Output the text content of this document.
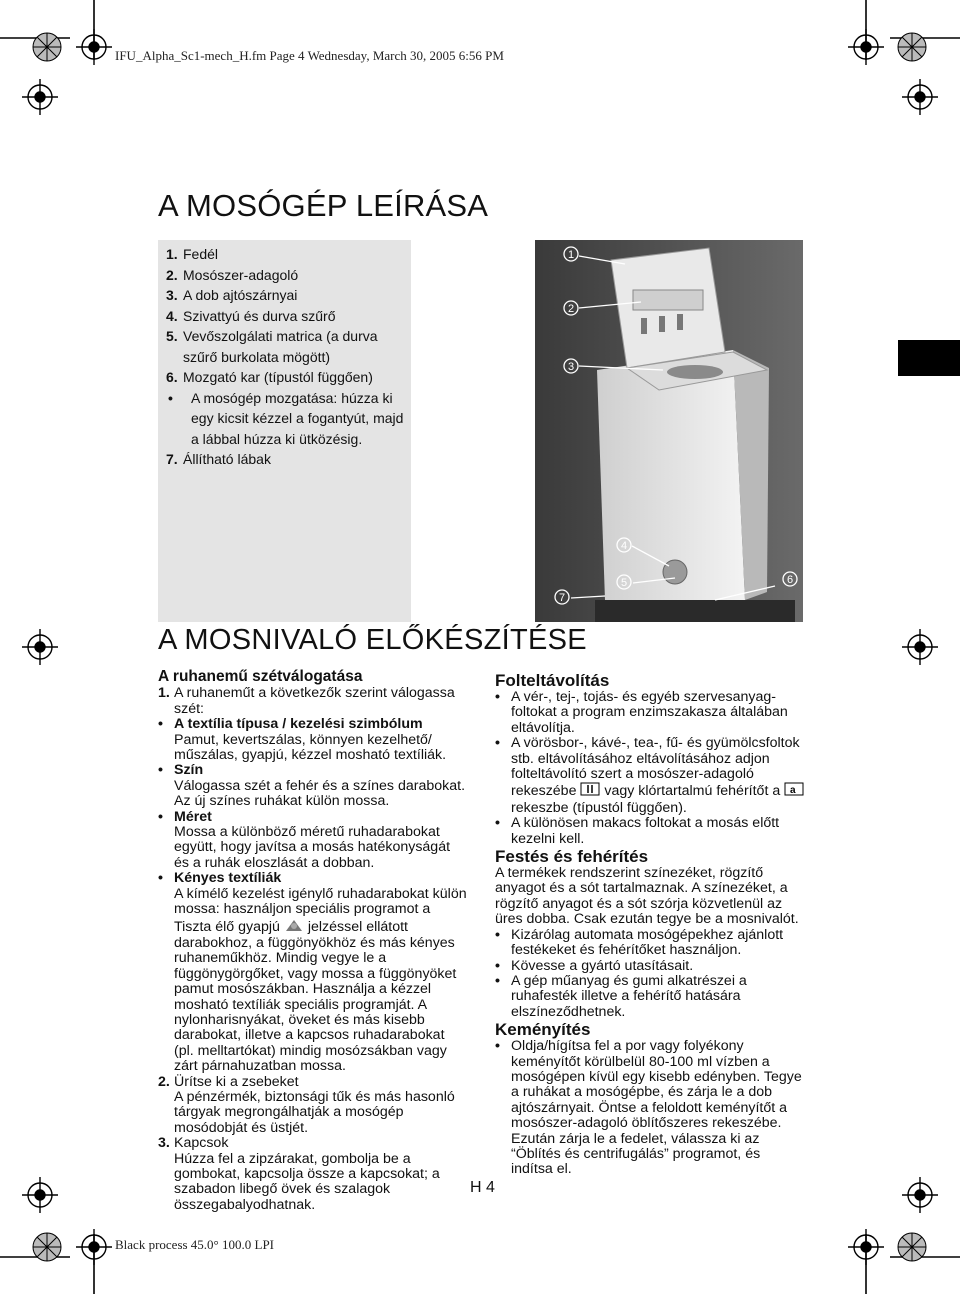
IFU_Alpha_Sc1-mech_H.fm Page 4 Wednesday, March 30, 2005 6:56 PM
Black process 45.0° 100.0 LPI
A MOSÓGÉP LEÍRÁSA
1. Fedél
2. Mosószer-adagoló
3. A dob ajtószárnyai
4. Szivattyú és durva szűrő
5. Vevőszolgálati matrica (a durva szűrő burkolata mögött)
6. Mozgató kar (típustól függően)
• A mosógép mozgatása: húzza ki egy kicsit kézzel a fogantyút, majd a lábbal húzza ki ütközésig.
7. Állítható lábak
1
2
3
4
5	6
7
A MOSNIVALÓ ELŐKÉSZÍTÉSE
A ruhanemű szétválogatása
1. A ruhaneműt a következők szerint válogassa szét:
• A textília típusa / kezelési szimbólum
Pamut, kevertszálas, könnyen kezelhető/ műszálas, gyapjú, kézzel mosható textíliák.
• Szín
Válogassa szét a fehér és a színes darabokat. Az új színes ruhákat külön mossa.
• Méret
Mossa a különböző méretű ruhadarabokat együtt, hogy javítsa a mosás hatékonyságát és a ruhák eloszlását a dobban.
• Kényes textíliák
A kímélő kezelést igénylő ruhadarabokat külön mossa: használjon speciális programot a Tiszta élő gyapjú jelzéssel ellátott darabokhoz, a függönyökhöz és más kényes ruhaneműkhöz. Mindig vegye le a függönygörgőket, vagy mossa a függönyöket pamut mosószákban. Használja a kézzel mosható textíliák speciális programját. A nylonharisnyákat, öveket és más kisebb darabokat, illetve a kapcsos ruhadarabokat (pl. melltartókat) mindig mosózsákban vagy zárt párnahuzatban mossa.
2. Ürítse ki a zsebeket
A pénzérmék, biztonsági tűk és más hasonló tárgyak megrongálhatják a mosógép mosódobját és üstjét.
3. Kapcsok
Húzza fel a zipzárakat, gombolja be a gombokat, kapcsolja össze a kapcsokat; a szabadon libegő övek és szalagok összegabalyodhatnak.
Folteltávolítás
• A vér-, tej-, tojás- és egyéb szervesanyag-foltokat a program enzimszakasza általában eltávolítja.
• A vörösbor-, kávé-, tea-, fű- és gyümölcsfoltok stb. eltávolításához eltávolításához adjon folteltávolító szert a mosószer-adagoló rekeszébe vagy klórtartalmú fehérítőt a a
rekeszbe (típustól függően).
• A különösen makacs foltokat a mosás előtt kezelni kell.
Festés és fehérítés
A termékek rendszerint színezéket, rögzítő anyagot és a sót tartalmaznak. A színezéket, a rögzítő anyagot és a sót szórja közvetlenül az üres dobba. Csak ezután tegye be a mosnivalót.
• Kizárólag automata mosógépekhez ajánlott festékeket és fehérítőket használjon.
• Kövesse a gyártó utasításait.
• A gép műanyag és gumi alkatrészei a ruhafesték illetve a fehérítő hatására elszíneződhetnek.
Keményítés
• Oldja/hígítsa fel a por vagy folyékony keményítőt körülbelül 80-100 ml vízben a mosógépen kívül egy kisebb edényben. Tegye a ruhákat a mosógépbe, és zárja le a dob ajtószárnyait. Öntse a feloldott keményítőt a mosószer-adagoló öblítőszeres rekeszébe. Ezután zárja le a fedelet, válassza ki az “Öblítés és centrifugálás” programot, és indítsa el.
H 4
